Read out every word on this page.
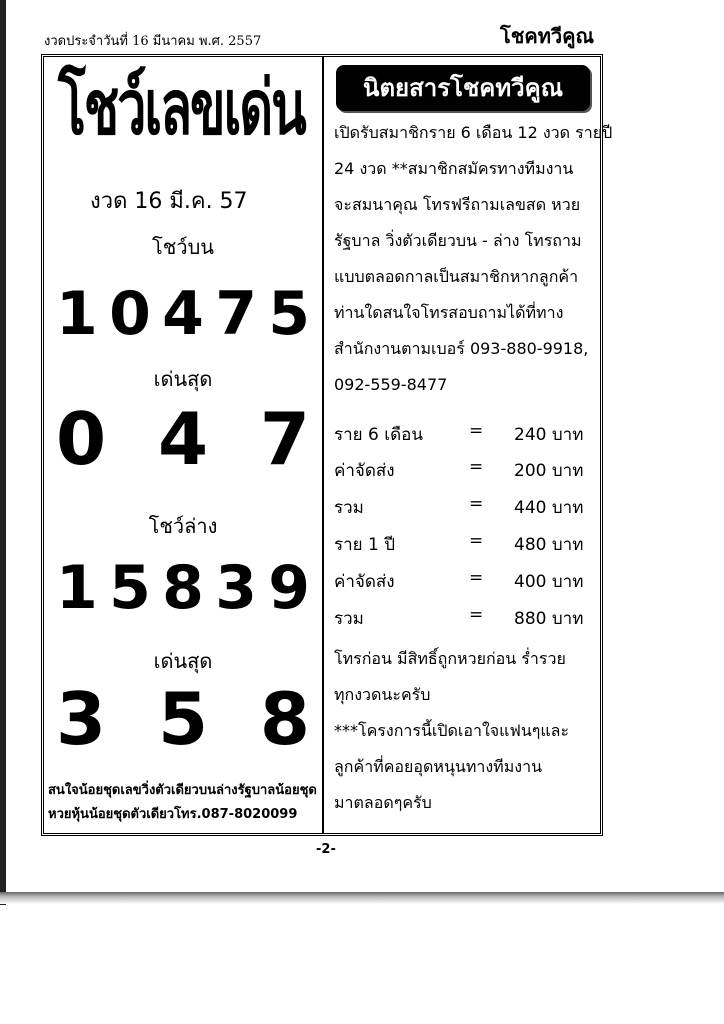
งวดประจำวันที่ 16 มีนาคม พ.ศ. 2557	โชคทวีคูณ
โชว์เลขเด่น
งวด 16 มี.ค. 57
โชว์บน
1 0 4 7 5
เด่นสุด
0 4 7
โชว์ล่าง
1 5 8 3 9
เด่นสุด
3 5 8
สนใจน้อยชุดเลขวิ่งตัวเดียวบนล่างรัฐบาลน้อยชุด
หวยหุ้นน้อยชุดตัวเดียวโทร.087-8020099
นิตยสารโชคทวีคูณ
เปิดรับสมาชิกราย 6 เดือน 12 งวด รายปี
24 งวด **สมาชิกสมัครทางทีมงาน
จะสมนาคุณ โทรฟรีถามเลขสด หวย
รัฐบาล วิ่งตัวเดียวบน - ล่าง โทรถาม
แบบตลอดกาลเป็นสมาชิกหากลูกค้า
ท่านใดสนใจโทรสอบถามได้ที่ทาง
สำนักงานตามเบอร์ 093-880-9918,
092-559-8477
ราย 6 เดือน	= 240 บาท
ค่าจัดส่ง	= 200 บาท
รวม	= 440 บาท
ราย 1 ปี	= 480 บาท
ค่าจัดส่ง	= 400 บาท
รวม	= 880 บาท
โทรก่อน มีสิทธิ์ถูกหวยก่อน ร่ำรวย
ทุกงวดนะครับ
***โครงการนี้เปิดเอาใจแฟนๆและ
ลูกค้าที่คอยอุดหนุนทางทีมงาน
มาตลอดๆครับ
-2-
